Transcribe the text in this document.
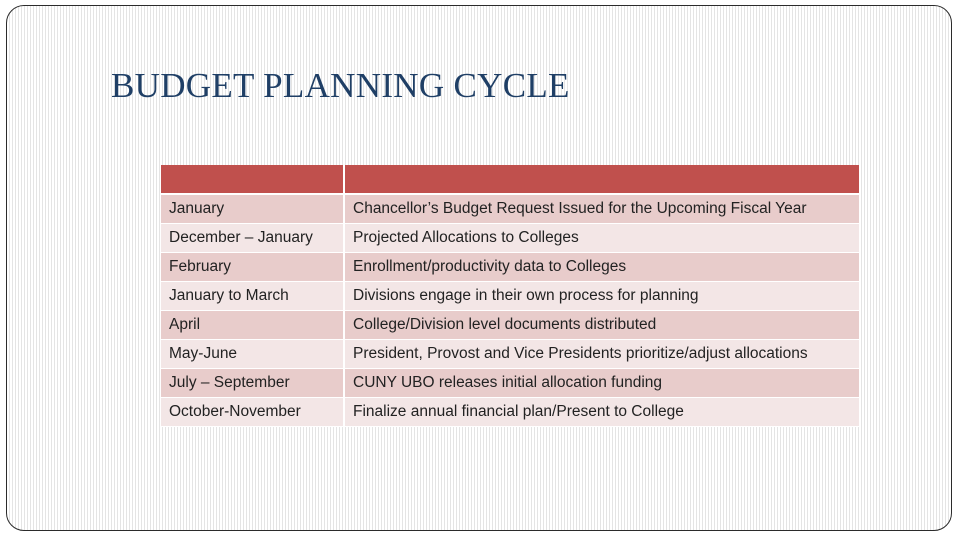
BUDGET PLANNING CYCLE

January	Chancellor’s Budget Request Issued for the Upcoming Fiscal Year
December – January	Projected Allocations to Colleges
February	Enrollment/productivity data to Colleges
January to March	Divisions engage in their own process for planning
April	College/Division level documents distributed
May-June	President, Provost and Vice Presidents prioritize/adjust allocations
July – September	CUNY UBO releases initial allocation funding
October-November	Finalize annual financial plan/Present to College
